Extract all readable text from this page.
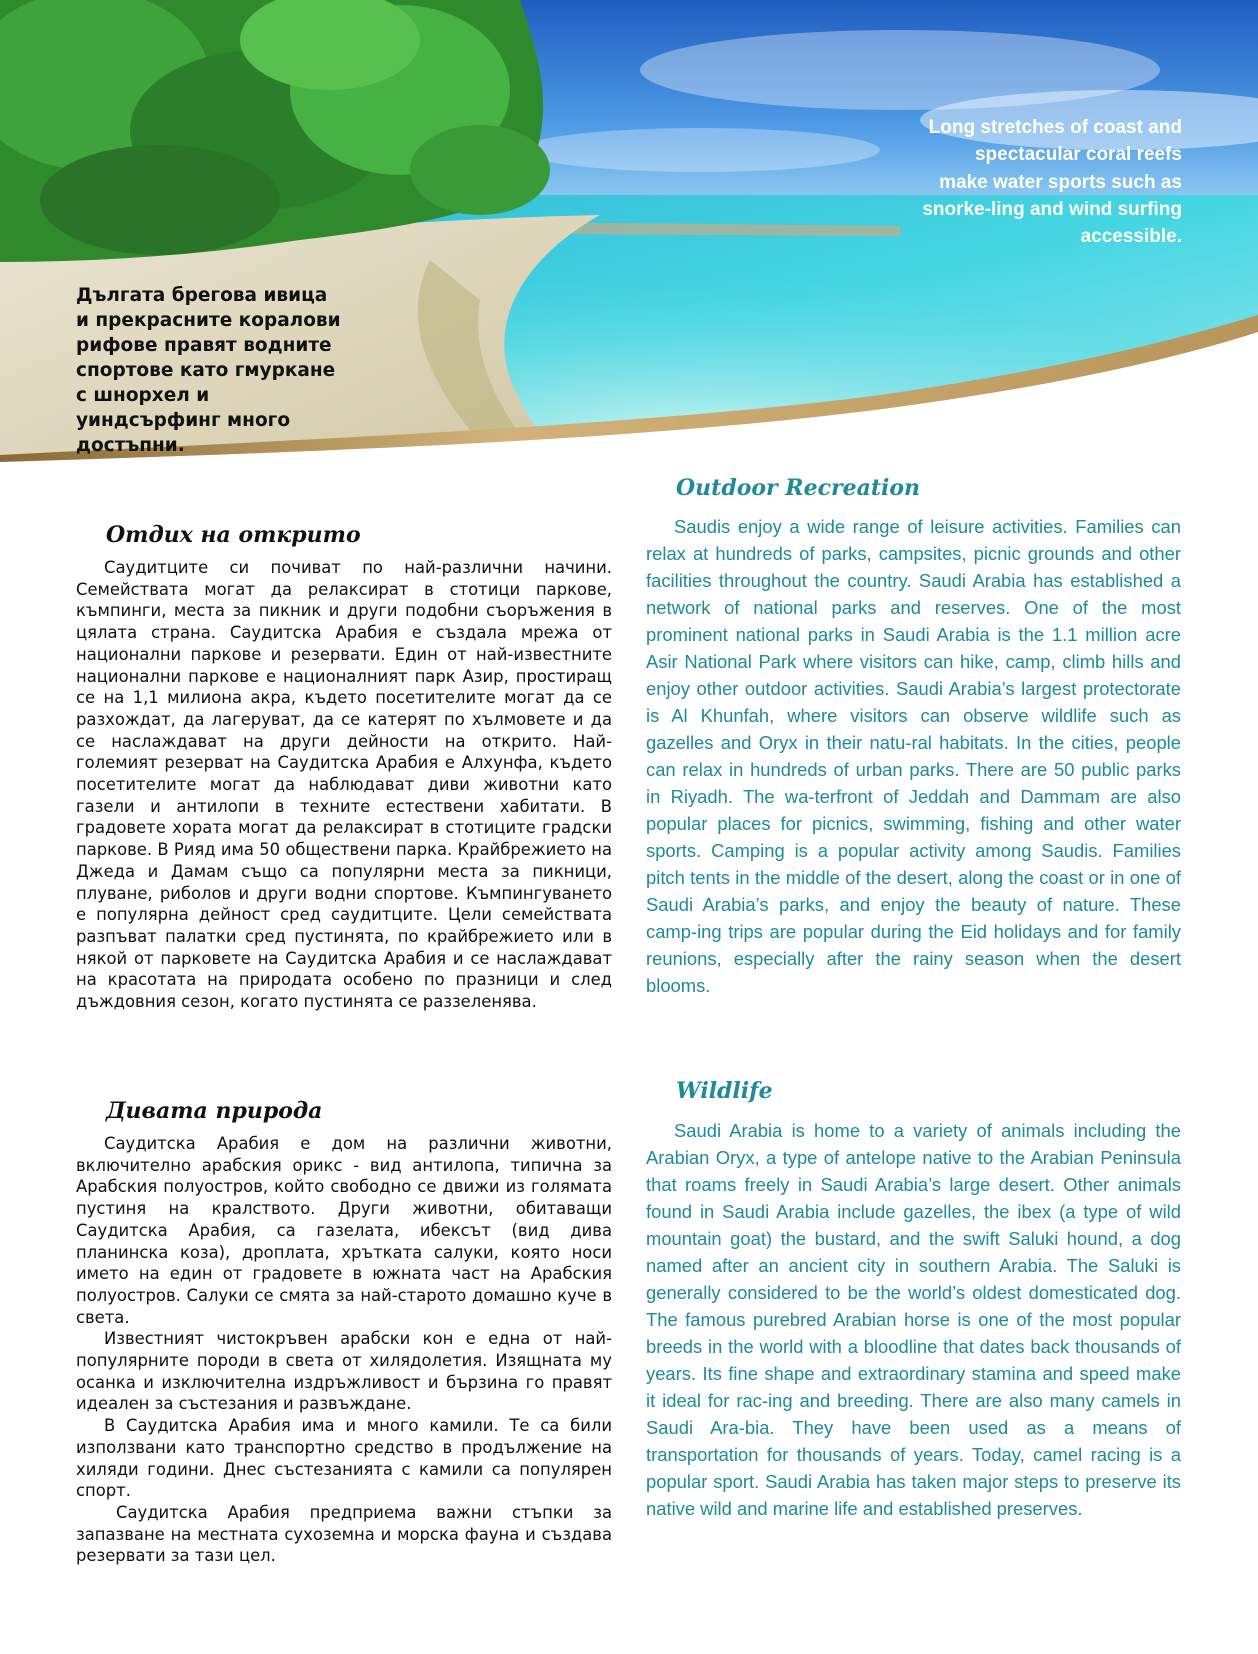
Дългата брегова ивица и прекрасните коралови рифове правят водните спортове като гмуркане с шнорхел и уиндсърфинг много достъпни.
Long stretches of coast and spectacular coral reefs make water sports such as snorke-ling and wind surfing accessible.
Outdoor Recreation

Saudis enjoy a wide range of leisure activities. Families can relax at hundreds of parks, campsites, picnic grounds and other facilities throughout the country. Saudi Arabia has established a network of national parks and reserves. One of the most prominent national parks in Saudi Arabia is the 1.1 million acre Asir National Park where visitors can hike, camp, climb hills and enjoy other outdoor activities. Saudi Arabia’s largest protectorate is Al Khunfah, where visitors can observe wildlife such as gazelles and Oryx in their natu-ral habitats. In the cities, people can relax in hundreds of urban parks. There are 50 public parks in Riyadh. The wa-terfront of Jeddah and Dammam are also popular places for picnics, swimming, fishing and other water sports. Camping is a popular activity among Saudis. Families pitch tents in the middle of the desert, along the coast or in one of Saudi Arabia’s parks, and enjoy the beauty of nature. These camp-ing trips are popular during the Eid holidays and for family reunions, especially after the rainy season when the desert blooms.

Wildlife

Saudi Arabia is home to a variety of animals including the Arabian Oryx, a type of antelope native to the Arabian Peninsula that roams freely in Saudi Arabia’s large desert. Other animals found in Saudi Arabia include gazelles, the ibex (a type of wild mountain goat) the bustard, and the swift Saluki hound, a dog named after an ancient city in southern Arabia. The Saluki is generally considered to be the world’s oldest domesticated dog. The famous purebred Arabian horse is one of the most popular breeds in the world with a bloodline that dates back thousands of years. Its fine shape and extraordinary stamina and speed make it ideal for rac-ing and breeding. There are also many camels in Saudi Ara-bia. They have been used as a means of transportation for thousands of years. Today, camel racing is a popular sport. Saudi Arabia has taken major steps to preserve its native wild and marine life and established preserves.

Отдих на открито

Саудитците си почиват по най-различни начини. Семействата могат да релаксират в стотици паркове, къмпинги, места за пикник и други подобни съоръжения в цялата страна. Саудитска Арабия е създала мрежа от национални паркове и резервати. Един от най-известните национални паркове е националният парк Азир, простиращ се на 1,1 милиона акра, където посетителите могат да се разхождат, да лагеруват, да се катерят по хълмовете и да се наслаждават на други дейности на открито. Най-големият резерват на Саудитска Арабия е Алхунфа, където посетителите могат да наблюдават диви животни като газели и антилопи в техните естествени хабитати. В градовете хората могат да релаксират в стотиците градски паркове. В Рияд има 50 обществени парка. Крайбрежието на Джеда и Дамам също са популярни места за пикници, плуване, риболов и други водни спортове. Къмпингуването е популярна дейност сред саудитците. Цели семействата разпъват палатки сред пустинята, по крайбрежието или в някой от парковете на Саудитска Арабия и се наслаждават на красотата на природата особено по празници и след дъждовния сезон, когато пустинята се раззеленява.

Дивата природа

Саудитска Арабия е дом на различни животни, включително арабския орикс - вид антилопа, типична за Арабския полуостров, който свободно се движи из голямата пустиня на кралството. Други животни, обитаващи Саудитска Арабия, са газелата, ибексът (вид дива планинска коза), дроплата, хрътката салуки, която носи името на един от градовете в южната част на Арабския полуостров. Салуки се смята за най-старото домашно куче в света.

Известният чистокръвен арабски кон е една от най-популярните породи в света от хилядолетия. Изящната му осанка и изключителна издръжливост и бързина го правят идеален за състезания и развъждане.

В Саудитска Арабия има и много камили. Те са били използвани като транспортно средство в продължение на хиляди години. Днес състезанията с камили са популярен спорт.

Саудитска Арабия предприема важни стъпки за запазване на местната сухоземна и морска фауна и създава резервати за тази цел.
